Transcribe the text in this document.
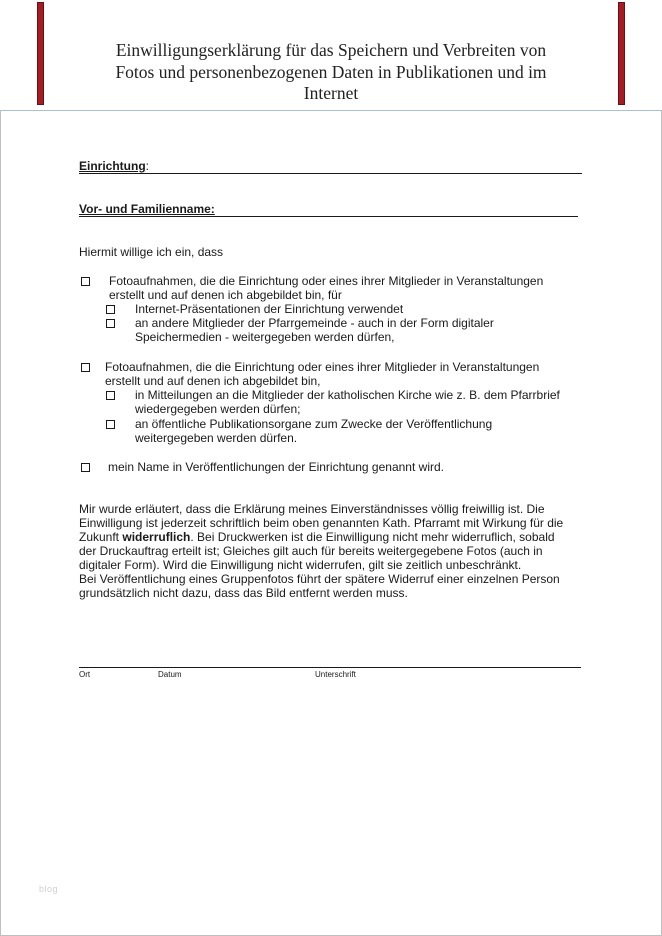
Einwilligungserklärung für das Speichern und Verbreiten von
Fotos und personenbezogenen Daten in Publikationen und im
Internet
Einrichtung:
Vor- und Familienname:
Hiermit willige ich ein, dass
Fotoaufnahmen, die die Einrichtung oder eines ihrer Mitglieder in Veranstaltungen
erstellt und auf denen ich abgebildet bin, für
Internet-Präsentationen der Einrichtung verwendet
an andere Mitglieder der Pfarrgemeinde - auch in der Form digitaler
Speichermedien - weitergegeben werden dürfen,
Fotoaufnahmen, die die Einrichtung oder eines ihrer Mitglieder in Veranstaltungen
erstellt und auf denen ich abgebildet bin,
in Mitteilungen an die Mitglieder der katholischen Kirche wie z. B. dem Pfarrbrief
wiedergegeben werden dürfen;
an öffentliche Publikationsorgane zum Zwecke der Veröffentlichung
weitergegeben werden dürfen.
mein Name in Veröffentlichungen der Einrichtung genannt wird.
Mir wurde erläutert, dass die Erklärung meines Einverständnisses völlig freiwillig ist. Die
Einwilligung ist jederzeit schriftlich beim oben genannten Kath. Pfarramt mit Wirkung für die
Zukunft widerruflich. Bei Druckwerken ist die Einwilligung nicht mehr widerruflich, sobald
der Druckauftrag erteilt ist; Gleiches gilt auch für bereits weitergegebene Fotos (auch in
digitaler Form). Wird die Einwilligung nicht widerrufen, gilt sie zeitlich unbeschränkt.
Bei Veröffentlichung eines Gruppenfotos führt der spätere Widerruf einer einzelnen Person
grundsätzlich nicht dazu, dass das Bild entfernt werden muss.
Ort	Datum	Unterschrift
blog
